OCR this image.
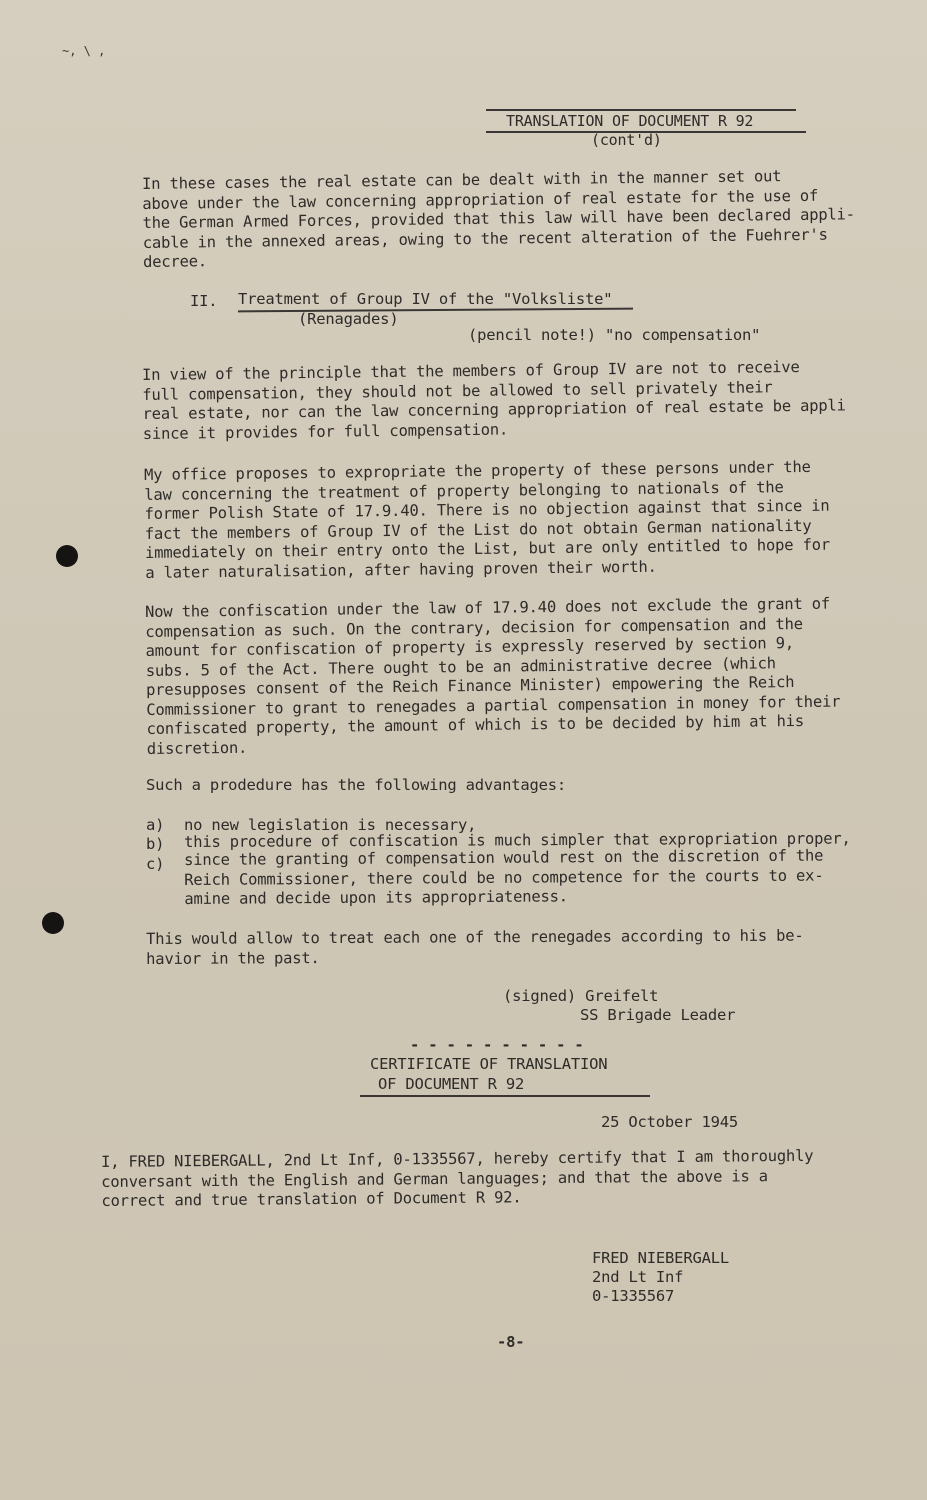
~, \ ,
TRANSLATION OF DOCUMENT R 92
(cont'd)
In these cases the real estate can be dealt with in the manner set out
above under the law concerning appropriation of real estate for the use of
the German Armed Forces, provided that this law will have been declared appli-
cable in the annexed areas, owing to the recent alteration of the Fuehrer's
decree.
II. Treatment of Group IV of the "Volksliste"
(Renagades)
(pencil note!) "no compensation"
In view of the principle that the members of Group IV are not to receive
full compensation, they should not be allowed to sell privately their
real estate, nor can the law concerning appropriation of real estate be appli
since it provides for full compensation.
My office proposes to expropriate the property of these persons under the
law concerning the treatment of property belonging to nationals of the
former Polish State of 17.9.40. There is no objection against that since in
fact the members of Group IV of the List do not obtain German nationality
immediately on their entry onto the List, but are only entitled to hope for
a later naturalisation, after having proven their worth.
Now the confiscation under the law of 17.9.40 does not exclude the grant of
compensation as such. On the contrary, decision for compensation and the
amount for confiscation of property is expressly reserved by section 9,
subs. 5 of the Act. There ought to be an administrative decree (which
presupposes consent of the Reich Finance Minister) empowering the Reich
Commissioner to grant to renegades a partial compensation in money for their
confiscated property, the amount of which is to be decided by him at his
discretion.
Such a prodedure has the following advantages:
a) no new legislation is necessary,
b) this procedure of confiscation is much simpler that expropriation proper,
c) since the granting of compensation would rest on the discretion of the
Reich Commissioner, there could be no competence for the courts to ex-
amine and decide upon its appropriateness.
This would allow to treat each one of the renegades according to his be-
havior in the past.
(signed) Greifelt
SS Brigade Leader
- - - - - - - - - -
CERTIFICATE OF TRANSLATION
OF DOCUMENT R 92
25 October 1945
I, FRED NIEBERGALL, 2nd Lt Inf, 0-1335567, hereby certify that I am thoroughly
conversant with the English and German languages; and that the above is a
correct and true translation of Document R 92.
FRED NIEBERGALL
2nd Lt Inf
0-1335567
-8-
